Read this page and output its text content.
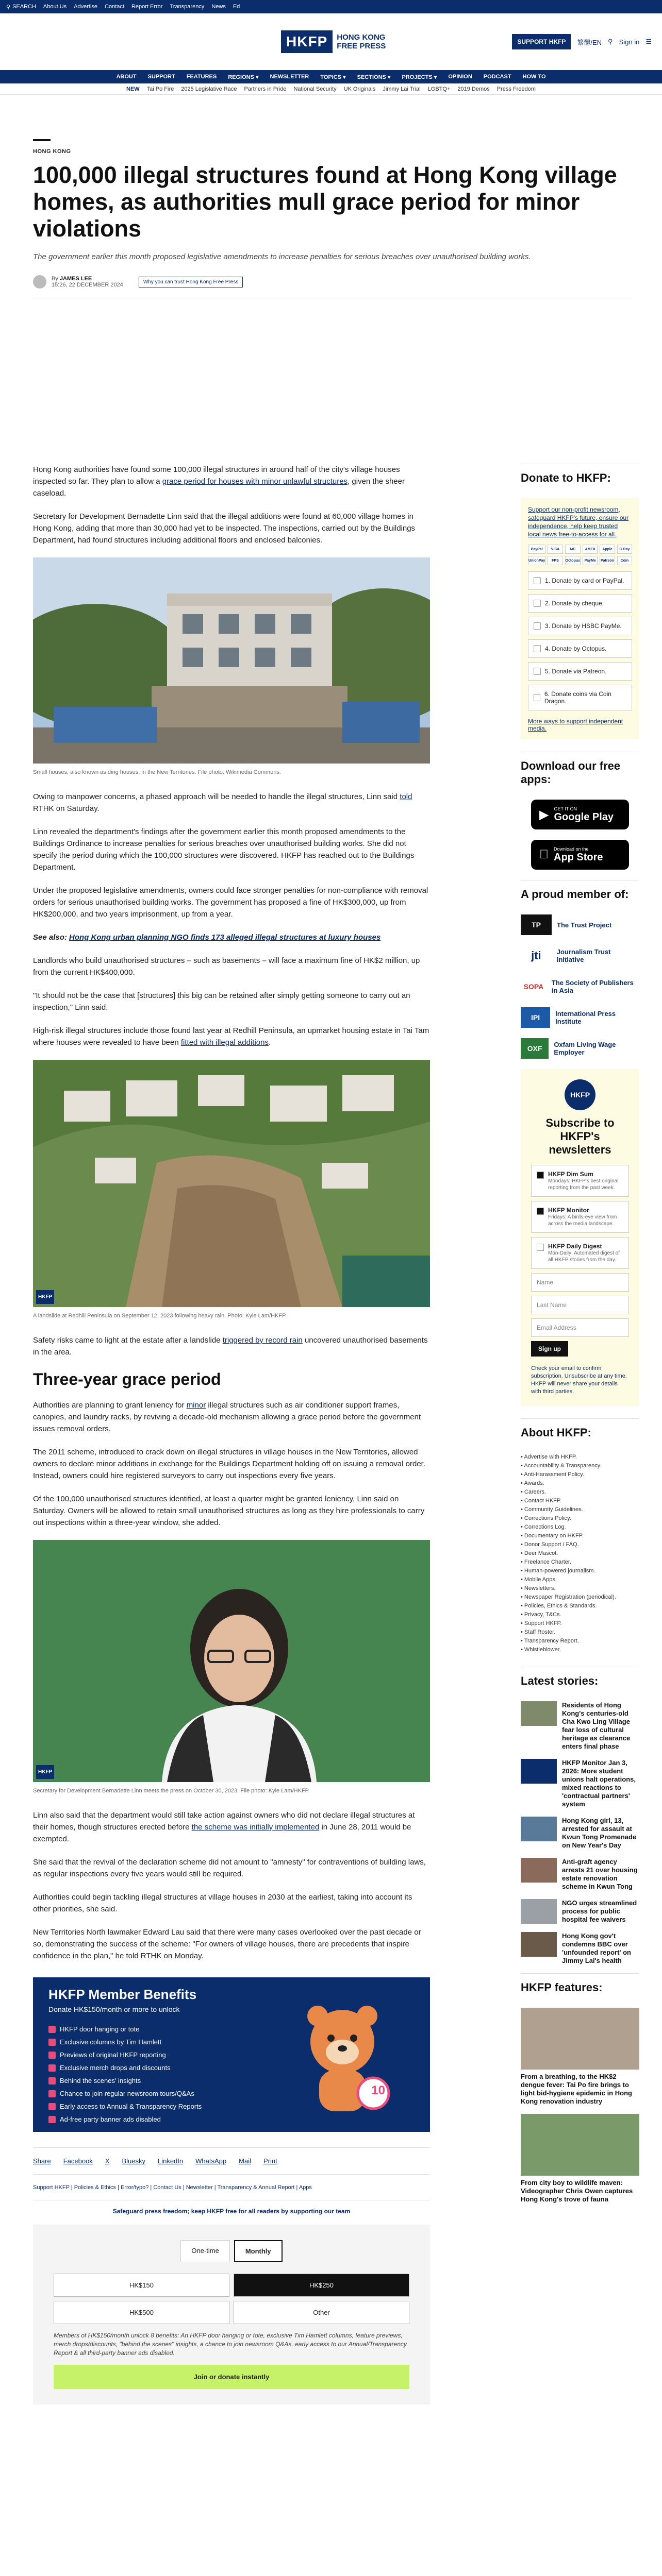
⚲ SEARCH About Us Advertise Contact Report Error Transparency News Ed
HKFP	HONG KONG
FREE PRESS	SUPPORT HKFP	繁體/EN ⚲ Sign in ☰
ABOUT SUPPORT FEATURES REGIONS ▾ NEWSLETTER TOPICS ▾ SECTIONS ▾ PROJECTS ▾ OPINION PODCAST HOW TO
NEW Tai Po Fire 2025 Legislative Race Partners in Pride National Security UK Originals Jimmy Lai Trial LGBTQ+ 2019 Demos Press Freedom
HONG KONG
100,000 illegal structures found at Hong Kong village homes, as authorities mull grace period for minor violations
The government earlier this month proposed legislative amendments to increase penalties for serious breaches over unauthorised building works.
By JAMES LEE
15:26, 22 DECEMBER 2024	Why you can trust Hong Kong Free Press

Hong Kong authorities have found some 100,000 illegal structures in around half of the city's village houses inspected so far. They plan to allow a grace period for houses with minor unlawful structures, given the sheer caseload.

Secretary for Development Bernadette Linn said that the illegal additions were found at 60,000 village homes in Hong Kong, adding that more than 30,000 had yet to be inspected. The inspections, carried out by the Buildings Department, had found structures including additional floors and enclosed balconies.

Small houses, also known as ding houses, in the New Territories. File photo: Wikimedia Commons.

Owing to manpower concerns, a phased approach will be needed to handle the illegal structures, Linn said told RTHK on Saturday.

Linn revealed the department's findings after the government earlier this month proposed amendments to the Buildings Ordinance to increase penalties for serious breaches over unauthorised building works. She did not specify the period during which the 100,000 structures were discovered. HKFP has reached out to the Buildings Department.

Under the proposed legislative amendments, owners could face stronger penalties for non-compliance with removal orders for serious unauthorised building works. The government has proposed a fine of HK$300,000, up from HK$200,000, and two years imprisonment, up from a year.

See also: Hong Kong urban planning NGO finds 173 alleged illegal structures at luxury houses

Landlords who build unauthorised structures – such as basements – will face a maximum fine of HK$2 million, up from the current HK$400,000.

"It should not be the case that [structures] this big can be retained after simply getting someone to carry out an inspection," Linn said.

High-risk illegal structures include those found last year at Redhill Peninsula, an upmarket housing estate in Tai Tam where houses were revealed to have been fitted with illegal additions.

HKFP
A landslide at Redhill Peninsula on September 12, 2023 following heavy rain. Photo: Kyle Lam/HKFP.

Safety risks came to light at the estate after a landslide triggered by record rain uncovered unauthorised basements in the area.

Three-year grace period

Authorities are planning to grant leniency for minor illegal structures such as air conditioner support frames, canopies, and laundry racks, by reviving a decade-old mechanism allowing a grace period before the government issues removal orders.

The 2011 scheme, introduced to crack down on illegal structures in village houses in the New Territories, allowed owners to declare minor additions in exchange for the Buildings Department holding off on issuing a removal order. Instead, owners could hire registered surveyors to carry out inspections every five years.

Of the 100,000 unauthorised structures identified, at least a quarter might be granted leniency, Linn said on Saturday. Owners will be allowed to retain small unauthorised structures as long as they hire professionals to carry out inspections within a three-year window, she added.

HKFP
Secretary for Development Bernadette Linn meets the press on October 30, 2023. File photo: Kyle Lam/HKFP.

Linn also said that the department would still take action against owners who did not declare illegal structures at their homes, though structures erected before the scheme was initially implemented in June 28, 2011 would be exempted.

She said that the revival of the declaration scheme did not amount to "amnesty" for contraventions of building laws, as regular inspections every five years would still be required.

Authorities could begin tackling illegal structures at village houses in 2030 at the earliest, taking into account its other priorities, she said.

New Territories North lawmaker Edward Lau said that there were many cases overlooked over the past decade or so, demonstrating the success of the scheme: "For owners of village houses, there are precedents that inspire confidence in the plan," he told RTHK on Monday.

HKFP Member Benefits
Donate HK$150/month or more to unlock
HKFP door hanging or tote
Exclusive columns by Tim Hamlett
Previews of original HKFP reporting
Exclusive merch drops and discounts
Behind the scenes' insights
Chance to join regular newsroom tours/Q&As
Early access to Annual & Transparency Reports
Ad-free party banner ads disabled
10
Share Facebook X Bluesky LinkedIn WhatsApp Mail Print
Support HKFP | Policies & Ethics | Error/typo? | Contact Us | Newsletter | Transparency & Annual Report | Apps
Safeguard press freedom; keep HKFP free for all readers by supporting our team
One-time	Monthly
HK$150	HK$250
HK$500	Other
Members of HK$150/month unlock 8 benefits: An HKFP door hanging or tote, exclusive Tim Hamlett columns, feature previews, merch drops/discounts, "behind the scenes" insights, a chance to join newsroom Q&As, early access to our Annual/Transparency Report & all third-party banner ads disabled.
Join or donate instantly
Donate to HKFP:
Support our non-profit newsroom, safeguard HKFP's future, ensure our independence, help keep trusted local news free-to-access for all.
PayPal	VISA	MC	AMEX	Apple	G Pay
UnionPay	FPS	Octopus	PayMe	Patreon	Coin
1. Donate by card or PayPal.
2. Donate by cheque.
3. Donate by HSBC PayMe.
4. Donate by Octopus.
5. Donate via Patreon.
6. Donate coins via Coin Dragon.
More ways to support independent media.
Download our free apps:
▶ GET IT ON
Google Play
Download on the
App Store
A proud member of:
TP	The Trust Project
jti	Journalism Trust Initiative
SOPA	The Society of Publishers in Asia
IPI	International Press Institute
OXF	Oxfam Living Wage Employer
HKFP
Subscribe to HKFP's newsletters
HKFP Dim Sum
Mondays: HKFP's best original reporting from the past week.
HKFP Monitor
Fridays: A birds-eye view from across the media landscape.
HKFP Daily Digest
Mon-Daily: Automated digest of all HKFP stories from the day.
Name
Last Name
Email Address
Sign up
Check your email to confirm subscription. Unsubscribe at any time. HKFP will never share your details with third parties.
About HKFP:
• Advertise with HKFP.
• Accountability & Transparency.
• Anti-Harassment Policy.
• Awards.
• Careers.
• Contact HKFP.
• Community Guidelines.
• Corrections Policy.
• Corrections Log.
• Documentary on HKFP.
• Donor Support / FAQ.
• Deer Mascot.
• Freelance Charter.
• Human-powered journalism.
• Mobile Apps.
• Newsletters.
• Newspaper Registration (periodical).
• Policies, Ethics & Standards.
• Privacy, T&Cs.
• Support HKFP.
• Staff Roster.
• Transparency Report.
• Whistleblower.
Latest stories:
Residents of Hong Kong's centuries-old Cha Kwo Ling Village fear loss of cultural heritage as clearance enters final phase
HKFP Monitor Jan 3, 2026: More student unions halt operations, mixed reactions to 'contractual partners' system
Hong Kong girl, 13, arrested for assault at Kwun Tong Promenade on New Year's Day
Anti-graft agency arrests 21 over housing estate renovation scheme in Kwun Tong
NGO urges streamlined process for public hospital fee waivers
Hong Kong gov't condemns BBC over 'unfounded report' on Jimmy Lai's health
HKFP features:
From a breathing, to the HK$2 dengue fever: Tai Po fire brings to light bid-hygiene epidemic in Hong Kong renovation industry
From city boy to wildlife maven: Videographer Chris Owen captures Hong Kong's trove of fauna
